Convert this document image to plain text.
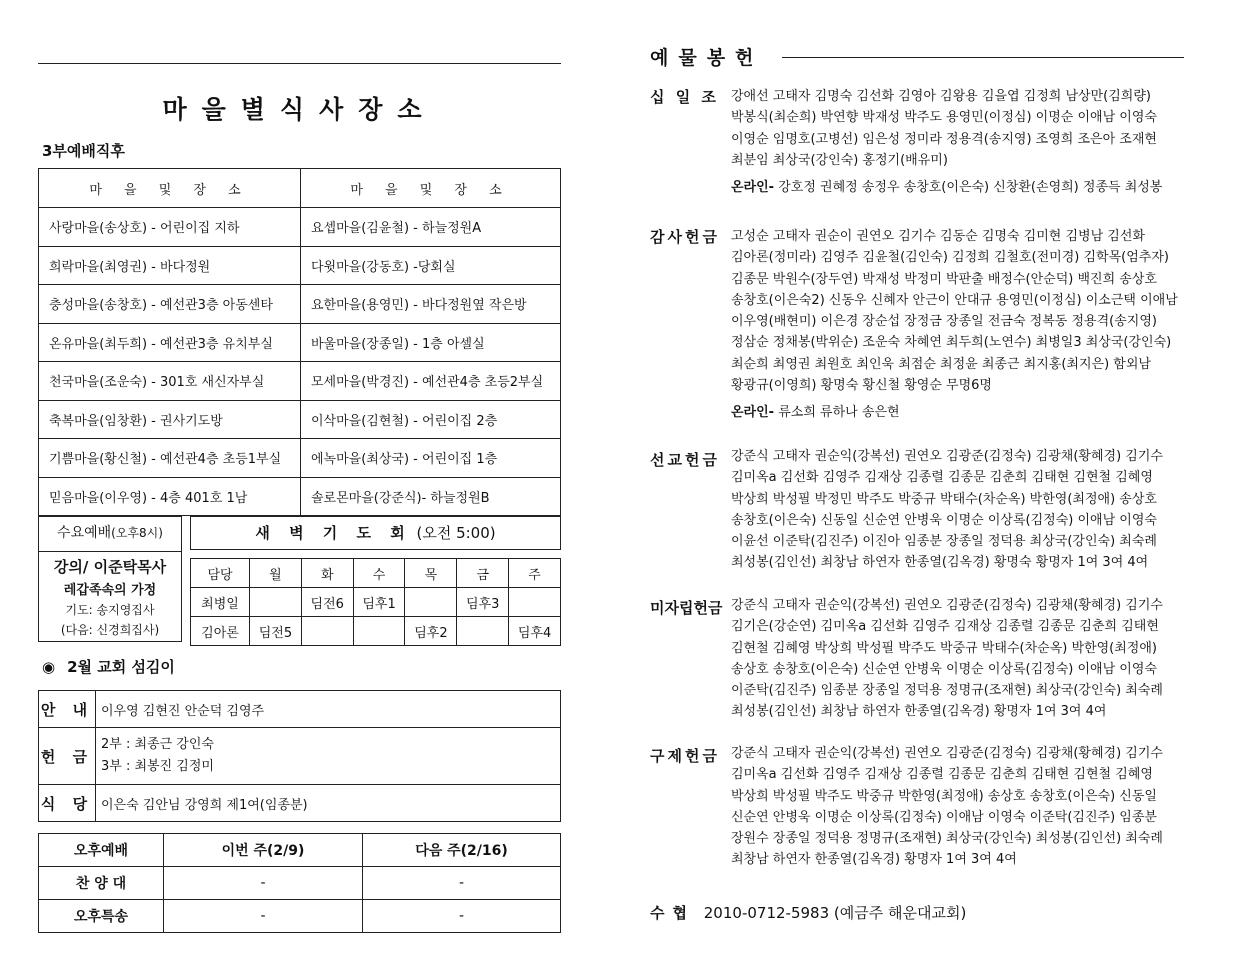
마을별식사장소
3부예배직후
마 을 및 장 소	마 을 및 장 소
사랑마을(송상호) - 어린이집 지하	요셉마을(김윤철) - 하늘정원A
희락마을(최영권) - 바다정원	다윗마을(강동호) -당회실
충성마을(송창호) - 예선관3층 아동센타	요한마을(용영민) - 바다정원옆 작은방
온유마을(최두희) - 예선관3층 유치부실	바울마을(장종일) - 1층 아셀실
천국마을(조운숙) - 301호 새신자부실	모세마을(박경진) - 예선관4층 초등2부실
축복마을(임창환) - 권사기도방	이삭마을(김현철) - 어린이집 2층
기쁨마을(황신철) - 예선관4층 초등1부실	에녹마을(최상국) - 어린이집 1층
믿음마을(이우영) - 4층 401호 1남	솔로몬마을(강준식)- 하늘정원B
수요예배(오후8시)
강의/ 이준탁목사
레갑족속의 가정
기도: 송지영집사
(다음: 신경희집사)
새 벽 기 도 회 (오전 5:00)
담당	월	화	수	목	금	주
최병일		딤전6	딤후1		딤후3	
김아론	딤전5			딤후2		딤후4
◉ 2월 교회 섬김이
안 내	이우영 김현진 안순덕 김영주
헌 금	2부 : 최종근 강인숙
3부 : 최봉진 김정미

식 당	이은숙 김안님 강영희 제1여(임종분)
오후예배	이번 주(2/9)	다음 주(2/16)
찬 양 대	-	-
오후특송	-	-
예물봉헌
십 일 조 강애선 고태자 김명숙 김선화 김영아 김왕용 김을엽 김정희 남상만(김희량)
박봉식(최순희) 박연향 박재성 박주도 용영민(이정심) 이명순 이애남 이영숙
이영순 임명호(고병선) 임은성 정미라 정용격(송지영) 조영희 조은아 조재현
최분임 최상국(강인숙) 홍정기(배유미)
온라인- 강호정 권혜정 송정우 송창호(이은숙) 신창환(손영희) 정종득 최성봉
감사헌금 고성순 고태자 권순이 권연오 김기수 김동순 김명숙 김미현 김병남 김선화
김아론(정미라) 김영주 김윤철(김인숙) 김정희 김철호(전미경) 김학목(엄추자)
김종문 박원수(장두연) 박재성 박정미 박판출 배정수(안순덕) 백진희 송상호
송창호(이은숙2) 신동우 신혜자 안근이 안대규 용영민(이정심) 이소근택 이애남
이우영(배현미) 이은경 장순섭 장정금 장종일 전금숙 정복동 정용격(송지영)
정삼순 정채봉(박위순) 조운숙 차혜연 최두희(노연수) 최병일3 최상국(강인숙)
최순희 최영권 최원호 최인욱 최점순 최정윤 최종근 최지홍(최지은) 함외남
황광규(이영희) 황명숙 황신철 황영순 무명6명
온라인- 류소희 류하나 송은현
선교헌금 강준식 고태자 권순익(강복선) 권연오 김광준(김정숙) 김광채(황혜경) 김기수
김미옥a 김선화 김영주 김재상 김종렬 김종문 김춘희 김태현 김현철 김혜영
박상희 박성필 박정민 박주도 박중규 박태수(차순옥) 박한영(최정애) 송상호
송창호(이은숙) 신동일 신순연 안병욱 이명순 이상록(김정숙) 이애남 이영숙
이윤선 이준탁(김진주) 이진아 임종분 장종일 정덕용 최상국(강인숙) 최숙례
최성봉(김인선) 최창남 하연자 한종열(김옥경) 황명숙 황명자 1여 3여 4여
미자립헌금 강준식 고태자 권순익(강복선) 권연오 김광준(김정숙) 김광채(황혜경) 김기수
김기은(강순연) 김미옥a 김선화 김영주 김재상 김종렬 김종문 김춘희 김태현
김현철 김혜영 박상희 박성필 박주도 박중규 박태수(차순옥) 박한영(최정애)
송상호 송창호(이은숙) 신순연 안병욱 이명순 이상록(김정숙) 이애남 이영숙
이준탁(김진주) 임종분 장종일 정덕용 정명규(조재현) 최상국(강인숙) 최숙례
최성봉(김인선) 최창남 하연자 한종열(김옥경) 황명자 1여 3여 4여
구제헌금 강준식 고태자 권순익(강복선) 권연오 김광준(김정숙) 김광채(황혜경) 김기수
김미옥a 김선화 김영주 김재상 김종렬 김종문 김춘희 김태현 김현철 김혜영
박상희 박성필 박주도 박중규 박한영(최정애) 송상호 송창호(이은숙) 신동일
신순연 안병욱 이명순 이상록(김정숙) 이애남 이영숙 이준탁(김진주) 임종분
장원수 장종일 정덕용 정명규(조재현) 최상국(강인숙) 최성봉(김인선) 최숙례
최창남 하연자 한종열(김옥경) 황명자 1여 3여 4여
수협 2010-0712-5983 (예금주 해운대교회)
